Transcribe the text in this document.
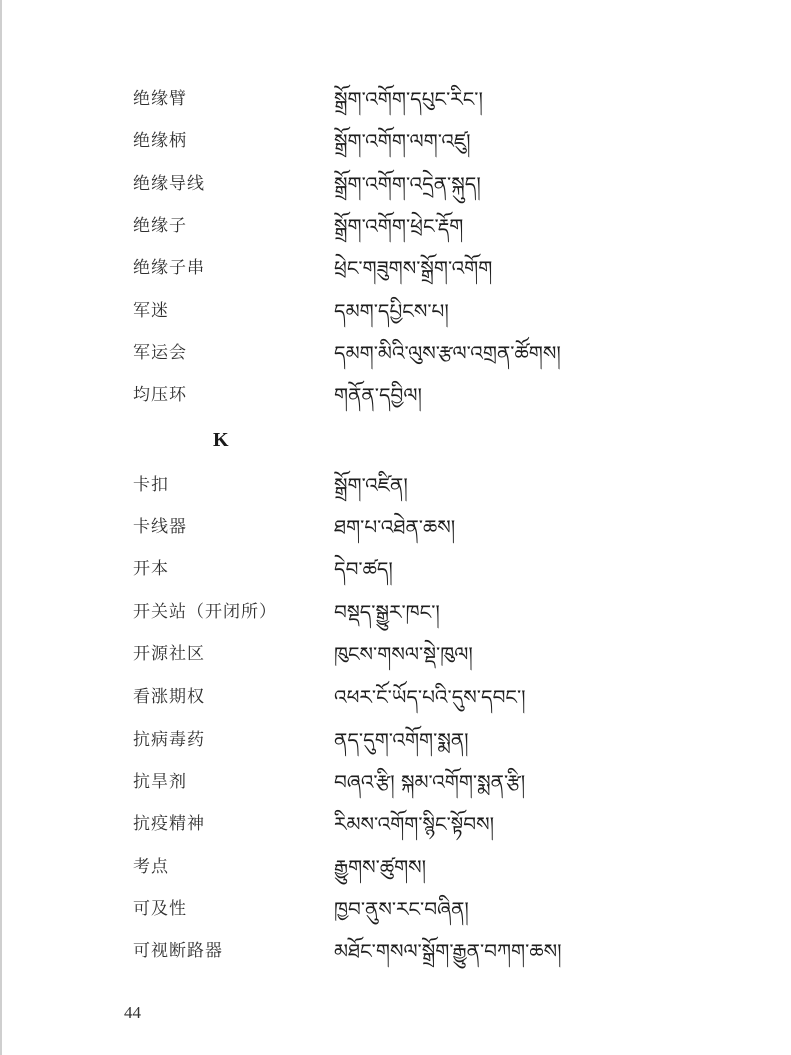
绝缘臂	སྒྲོག་འགོག་དཔུང་རིང་།
绝缘柄	སྒྲོག་འགོག་ལག་འཛུ།
绝缘导线	སྒྲོག་འགོག་འདྲེན་སྐུད།
绝缘子	སྒྲོག་འགོག་ཕྲེང་རྡོག
绝缘子串	ཕྲེང་གཟུགས་སྒྲོག་འགོག
军迷	དམག་དཔྱིངས་པ།
军运会	དམག་མིའི་ལུས་རྩལ་འགྲན་ཚོགས།
均压环	གནོན་དབྱིལ།
K
卡扣	སྒྲོག་འཛིན།
卡线器	ཐག་པ་འཐེན་ཆས།
开本	དེབ་ཚད།
开关站（开闭所）	བསྡད་སྒྱུར་ཁང་།
开源社区	ཁུངས་གསལ་སྡེ་ཁུལ།
看涨期权	འཕར་ངོ་ཡོད་པའི་དུས་དབང་།
抗病毒药	ནད་དུག་འགོག་སྨན།
抗旱剂	བཞའ་རྩི། སྐམ་འགོག་སྨན་རྩི།
抗疫精神	རིམས་འགོག་སྙིང་སྟོབས།
考点	རྒྱུགས་ཚུགས།
可及性	ཁྱབ་ནུས་རང་བཞིན།
可视断路器	མཐོང་གསལ་སྒྲོག་རྒྱུན་བཀག་ཆས།
44
